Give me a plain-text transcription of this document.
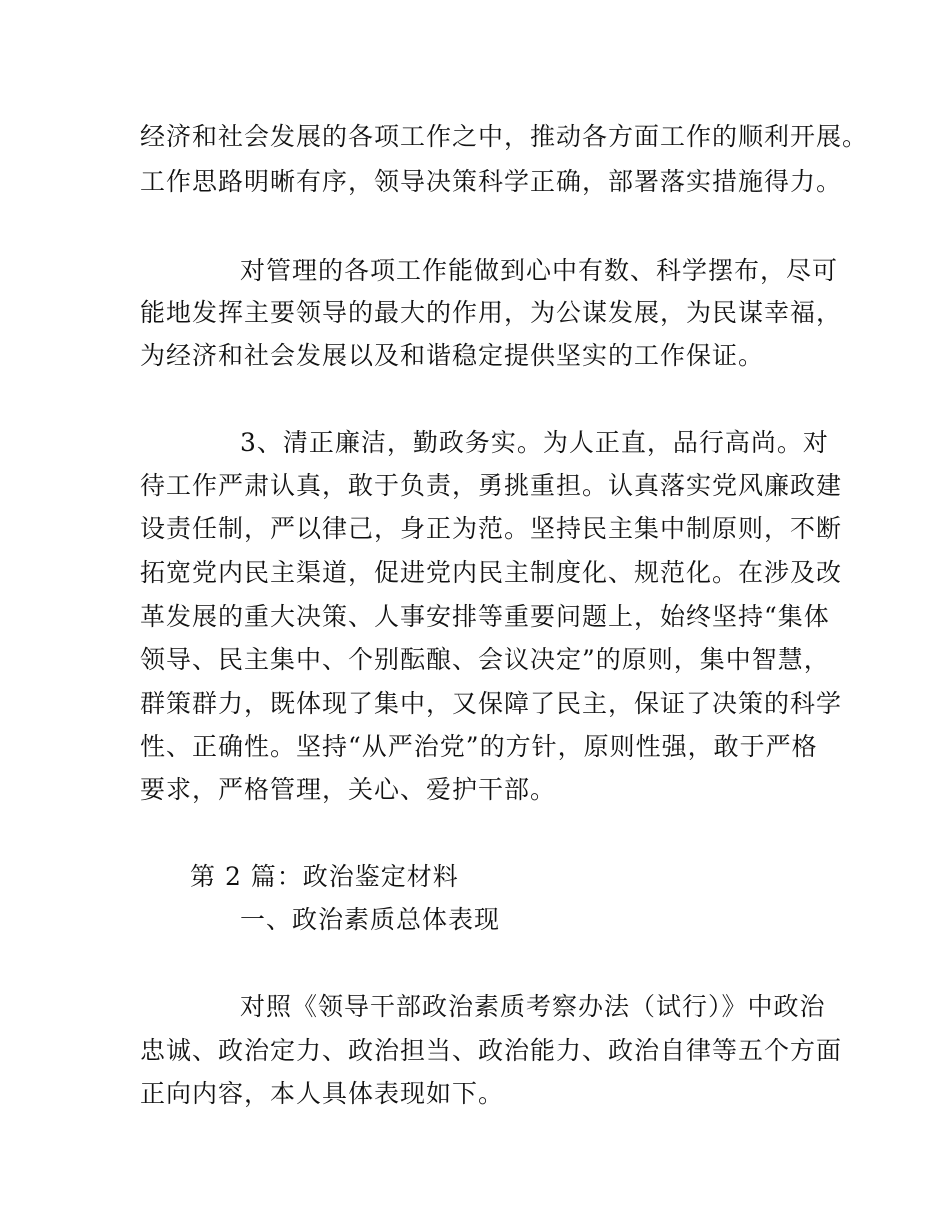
经济和社会发展的各项工作之中，推动各方面工作的顺利开展。
工作思路明晰有序，领导决策科学正确，部署落实措施得力。
对管理的各项工作能做到心中有数、科学摆布，尽可
能地发挥主要领导的最大的作用，为公谋发展，为民谋幸福，
为经济和社会发展以及和谐稳定提供坚实的工作保证。
3、清正廉洁，勤政务实。为人正直，品行高尚。对
待工作严肃认真，敢于负责，勇挑重担。认真落实党风廉政建
设责任制，严以律己，身正为范。坚持民主集中制原则，不断
拓宽党内民主渠道，促进党内民主制度化、规范化。在涉及改
革发展的重大决策、人事安排等重要问题上，始终坚持“集体
领导、民主集中、个别酝酿、会议决定”的原则，集中智慧，
群策群力，既体现了集中，又保障了民主，保证了决策的科学
性、正确性。坚持“从严治党”的方针，原则性强，敢于严格
要求，严格管理，关心、爱护干部。
第 2 篇：政治鉴定材料
一、政治素质总体表现
对照《领导干部政治素质考察办法（试行）》中政治
忠诚、政治定力、政治担当、政治能力、政治自律等五个方面
正向内容，本人具体表现如下。
